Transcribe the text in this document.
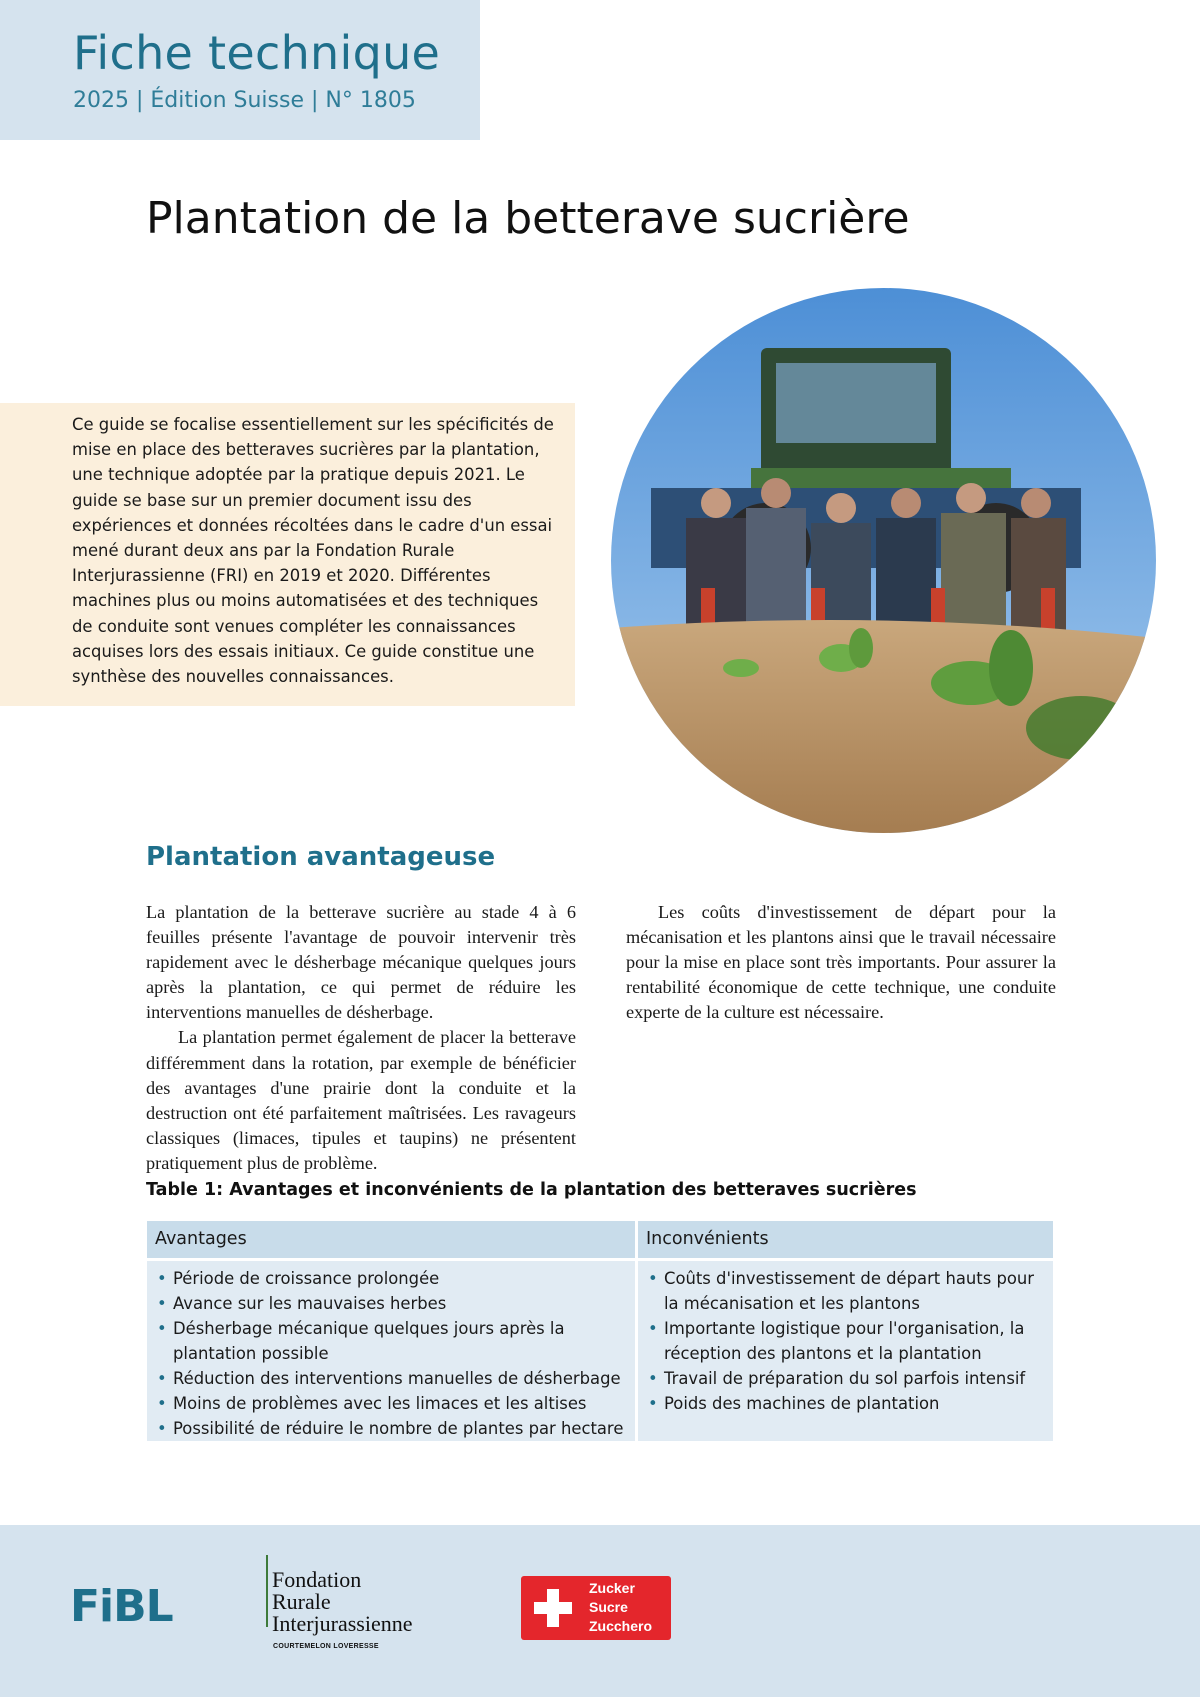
Fiche technique
2025 | Édition Suisse | N° 1805
Plantation de la betterave sucrière

Ce guide se focalise essentiellement sur les spécificités de mise en place des betteraves sucrières par la plantation, une technique adoptée par la pratique depuis 2021. Le guide se base sur un premier document issu des expériences et données récoltées dans le cadre d'un essai mené durant deux ans par la Fondation Rurale Interjurassienne (FRI) en 2019 et 2020. Différentes machines plus ou moins automatisées et des techniques de conduite sont venues compléter les connaissances acquises lors des essais initiaux. Ce guide constitue une synthèse des nouvelles connaissances.

Plantation avantageuse

La plantation de la betterave sucrière au stade 4 à 6 feuilles présente l'avantage de pouvoir intervenir très rapidement avec le désherbage mécanique quelques jours après la plantation, ce qui permet de réduire les interventions manuelles de désherbage.

La plantation permet également de placer la betterave différemment dans la rotation, par exemple de bénéficier des avantages d'une prairie dont la conduite et la destruction ont été parfaitement maîtrisées. Les ravageurs classiques (limaces, tipules et taupins) ne présentent pratiquement plus de problème.

Les coûts d'investissement de départ pour la mécanisation et les plantons ainsi que le travail nécessaire pour la mise en place sont très importants. Pour assurer la rentabilité économique de cette technique, une conduite experte de la culture est nécessaire.

Table 1: Avantages et inconvénients de la plantation des betteraves sucrières
Avantages	Inconvénients
• Période de croissance prolongée
• Avance sur les mauvaises herbes
• Désherbage mécanique quelques jours après la plantation possible
• Réduction des interventions manuelles de désherbage
• Moins de problèmes avec les limaces et les altises
• Possibilité de réduire le nombre de plantes par hectare
• Coûts d'investissement de départ hauts pour la mécanisation et les plantons
• Importante logistique pour l'organisation, la réception des plantons et la plantation
• Travail de préparation du sol parfois intensif
• Poids des machines de plantation
FiBL
Fondation
Rurale
Interjurassienne
COURTEMELON LOVERESSE
Zucker
Sucre
Zucchero
